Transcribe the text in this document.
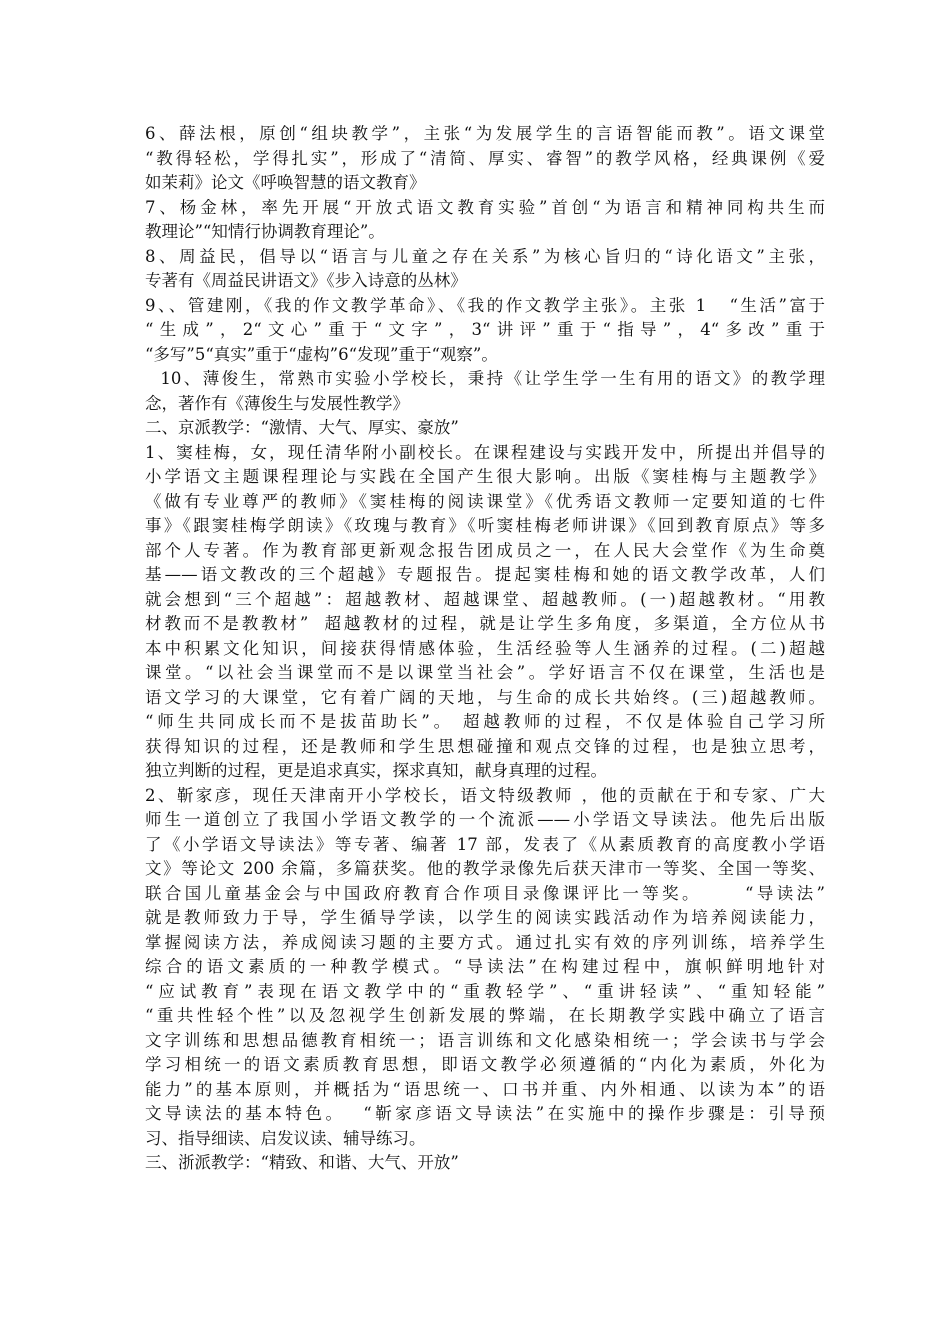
6、薛法根，原创“组块教学”，主张“为发展学生的言语智能而教”。语文课堂
“教得轻松，学得扎实”，形成了“清简、厚实、睿智”的教学风格，经典课例《爱
如茉莉》论文《呼唤智慧的语文教育》
7、杨金林，率先开展“开放式语文教育实验”首创“为语言和精神同构共生而
教理论”“知情行协调教育理论”。
8、周益民，倡导以“语言与儿童之存在关系”为核心旨归的“诗化语文”主张，
专著有《周益民讲语文》《步入诗意的丛林》
9、、管建刚，《我的作文教学革命》、《我的作文教学主张》。主张 1   “生活”富于
“生成”，2“文心”重于“文字”，3“讲评”重于“指导”，4“多改”重于
“多写”5“真实”重于“虚构”6“发现”重于“观察”。
10、薄俊生，常熟市实验小学校长，秉持《让学生学一生有用的语文》的教学理
念，著作有《薄俊生与发展性教学》
二、京派教学：“激情、大气、厚实、豪放”
1、窦桂梅，女，现任清华附小副校长。在课程建设与实践开发中，所提出并倡导的
小学语文主题课程理论与实践在全国产生很大影响。出版《窦桂梅与主题教学》
《做有专业尊严的教师》《窦桂梅的阅读课堂》《优秀语文教师一定要知道的七件
事》《跟窦桂梅学朗读》《玫瑰与教育》《听窦桂梅老师讲课》《回到教育原点》等多
部个人专著。作为教育部更新观念报告团成员之一，在人民大会堂作《为生命奠
基——语文教改的三个超越》专题报告。提起窦桂梅和她的语文教学改革，人们
就会想到“三个超越”：超越教材、超越课堂、超越教师。(一)超越教材。“用教
材教而不是教教材”  超越教材的过程，就是让学生多角度，多渠道，全方位从书
本中积累文化知识，间接获得情感体验，生活经验等人生涵养的过程。(二)超越
课堂。“以社会当课堂而不是以课堂当社会”。学好语言不仅在课堂，生活也是
语文学习的大课堂，它有着广阔的天地，与生命的成长共始终。(三)超越教师。
“师生共同成长而不是拔苗助长”。 超越教师的过程，不仅是体验自己学习所
获得知识的过程，还是教师和学生思想碰撞和观点交锋的过程，也是独立思考，
独立判断的过程，更是追求真实，探求真知，献身真理的过程。
2、靳家彦，现任天津南开小学校长，语文特级教师 ，他的贡献在于和专家、广大
师生一道创立了我国小学语文教学的一个流派——小学语文导读法。他先后出版
了《小学语文导读法》等专著、编著 17 部，发表了《从素质教育的高度教小学语
文》等论文 200 余篇，多篇获奖。他的教学录像先后获天津市一等奖、全国一等奖、
联合国儿童基金会与中国政府教育合作项目录像课评比一等奖。     “导读法”
就是教师致力于导，学生循导学读，以学生的阅读实践活动作为培养阅读能力，
掌握阅读方法，养成阅读习题的主要方式。通过扎实有效的序列训练，培养学生
综合的语文素质的一种教学模式。“导读法”在构建过程中，旗帜鲜明地针对
“应试教育”表现在语文教学中的“重教轻学”、“重讲轻读”、“重知轻能”
“重共性轻个性”以及忽视学生创新发展的弊端，在长期教学实践中确立了语言
文字训练和思想品德教育相统一；语言训练和文化感染相统一；学会读书与学会
学习相统一的语文素质教育思想，即语文教学必须遵循的“内化为素质，外化为
能力”的基本原则，并概括为“语思统一、口书并重、内外相通、以读为本”的语
文导读法的基本特色。  “靳家彦语文导读法”在实施中的操作步骤是：引导预
习、指导细读、启发议读、辅导练习。
三、浙派教学：“精致、和谐、大气、开放”
